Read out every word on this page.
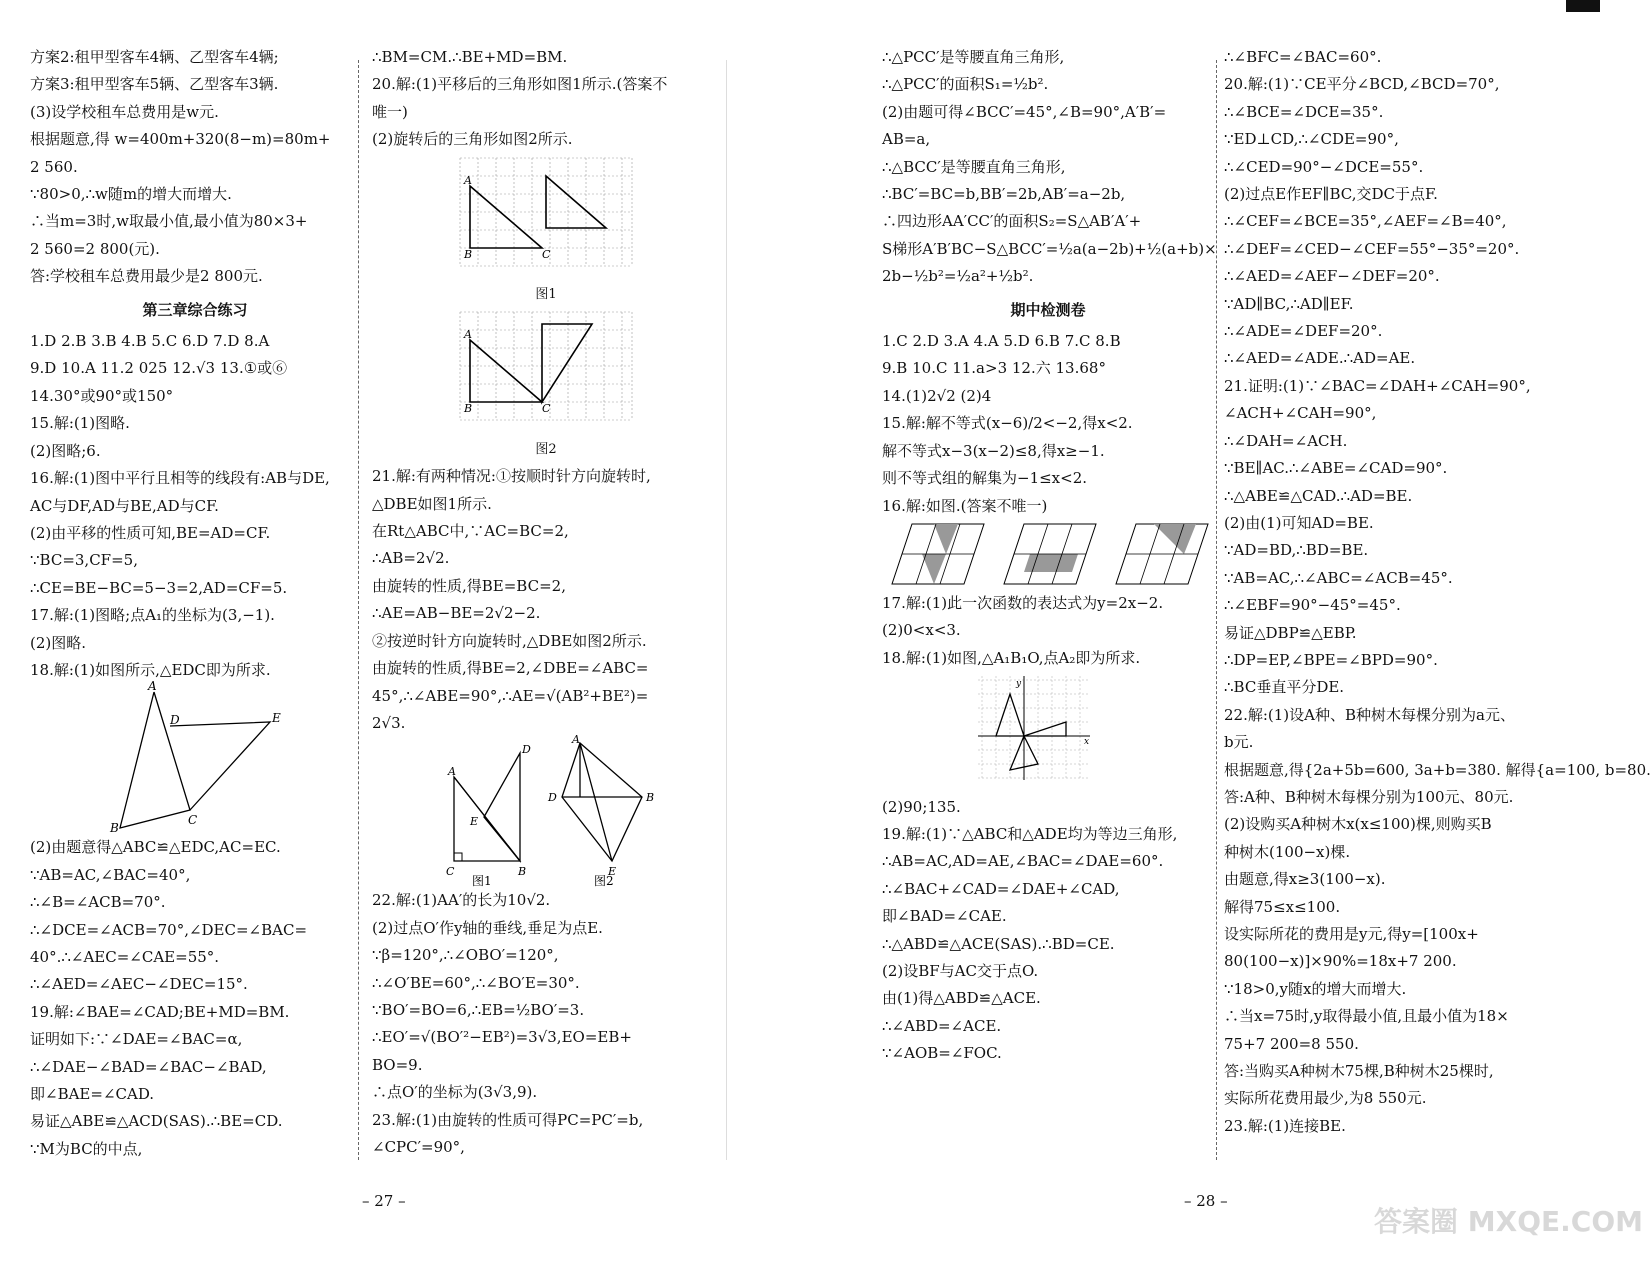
方案2:租甲型客车4辆、乙型客车4辆;

方案3:租甲型客车5辆、乙型客车3辆.

(3)设学校租车总费用是w元.

根据题意,得 w=400m+320(8−m)=80m+

2 560.

∵80>0,∴w随m的增大而增大.

∴当m=3时,w取最小值,最小值为80×3+

2 560=2 800(元).

答:学校租车总费用最少是2 800元.

第三章综合练习

1.D 2.B 3.B 4.B 5.C 6.D 7.D 8.A

9.D 10.A 11.2 025 12.√3 13.①或⑥

14.30°或90°或150°

15.解:(1)图略.

(2)图略;6.

16.解:(1)图中平行且相等的线段有:AB与DE,

AC与DF,AD与BE,AD与CF.

(2)由平移的性质可知,BE=AD=CF.

∵BC=3,CF=5,

∴CE=BE−BC=5−3=2,AD=CF=5.

17.解:(1)图略;点A₁的坐标为(3,−1).

(2)图略.

18.解:(1)如图所示,△EDC即为所求.

A
D	E
B
C

(2)由题意得△ABC≌△EDC,AC=EC.

∵AB=AC,∠BAC=40°,

∴∠B=∠ACB=70°.

∴∠DCE=∠ACB=70°,∠DEC=∠BAC=

40°.∴∠AEC=∠CAE=55°.

∴∠AED=∠AEC−∠DEC=15°.

19.解:∠BAE=∠CAD;BE+MD=BM.

证明如下:∵∠DAE=∠BAC=α,

∴∠DAE−∠BAD=∠BAC−∠BAD,

即∠BAE=∠CAD.

易证△ABE≌△ACD(SAS).∴BE=CD.

∵M为BC的中点,

∴BM=CM.∴BE+MD=BM.

20.解:(1)平移后的三角形如图1所示.(答案不

唯一)

(2)旋转后的三角形如图2所示.

A
B	C
图1
A
B	C
图2

21.解:有两种情况:①按顺时针方向旋转时,

△DBE如图1所示.

在Rt△ABC中,∵AC=BC=2,

∴AB=2√2.

由旋转的性质,得BE=BC=2,

∴AE=AB−BE=2√2−2.

②按逆时针方向旋转时,△DBE如图2所示.

由旋转的性质,得BE=2,∠DBE=∠ABC=

45°,∴∠ABE=90°,∴AE=√(AB²+BE²)=

2√3.

A
D
E
C	B
图1
A
D	B
E
图2

22.解:(1)AA′的长为10√2.

(2)过点O′作y轴的垂线,垂足为点E.

∵β=120°,∴∠OBO′=120°,

∴∠O′BE=60°,∴∠BO′E=30°.

∵BO′=BO=6,∴EB=½BO′=3.

∴EO′=√(BO′²−EB²)=3√3,EO=EB+

BO=9.

∴点O′的坐标为(3√3,9).

23.解:(1)由旋转的性质可得PC=PC′=b,

∠CPC′=90°,

∴△PCC′是等腰直角三角形,

∴△PCC′的面积S₁=½b².

(2)由题可得∠BCC′=45°,∠B=90°,A′B′=

AB=a,

∴△BCC′是等腰直角三角形,

∴BC′=BC=b,BB′=2b,AB′=a−2b,

∴四边形AA′CC′的面积S₂=S△AB′A′+

S梯形A′B′BC−S△BCC′=½a(a−2b)+½(a+b)×

2b−½b²=½a²+½b².

期中检测卷

1.C 2.D 3.A 4.A 5.D 6.B 7.C 8.B

9.B 10.C 11.a>3 12.六 13.68°

14.(1)2√2 (2)4

15.解:解不等式(x−6)/2<−2,得x<2.

解不等式x−3(x−2)≤8,得x≥−1.

则不等式组的解集为−1≤x<2.

16.解:如图.(答案不唯一)

17.解:(1)此一次函数的表达式为y=2x−2.

(2)0<x<3.

18.解:(1)如图,△A₁B₁O,点A₂即为所求.

y
x

(2)90;135.

19.解:(1)∵△ABC和△ADE均为等边三角形,

∴AB=AC,AD=AE,∠BAC=∠DAE=60°.

∴∠BAC+∠CAD=∠DAE+∠CAD,

即∠BAD=∠CAE.

∴△ABD≌△ACE(SAS).∴BD=CE.

(2)设BF与AC交于点O.

由(1)得△ABD≌△ACE.

∴∠ABD=∠ACE.

∵∠AOB=∠FOC.

∴∠BFC=∠BAC=60°.

20.解:(1)∵CE平分∠BCD,∠BCD=70°,

∴∠BCE=∠DCE=35°.

∵ED⊥CD,∴∠CDE=90°,

∴∠CED=90°−∠DCE=55°.

(2)过点E作EF∥BC,交DC于点F.

∴∠CEF=∠BCE=35°,∠AEF=∠B=40°,

∴∠DEF=∠CED−∠CEF=55°−35°=20°.

∴∠AED=∠AEF−∠DEF=20°.

∵AD∥BC,∴AD∥EF.

∴∠ADE=∠DEF=20°.

∴∠AED=∠ADE.∴AD=AE.

21.证明:(1)∵∠BAC=∠DAH+∠CAH=90°,

∠ACH+∠CAH=90°,

∴∠DAH=∠ACH.

∵BE∥AC.∴∠ABE=∠CAD=90°.

∴△ABE≌△CAD.∴AD=BE.

(2)由(1)可知AD=BE.

∵AD=BD,∴BD=BE.

∵AB=AC,∴∠ABC=∠ACB=45°.

∴∠EBF=90°−45°=45°.

易证△DBP≌△EBP.

∴DP=EP,∠BPE=∠BPD=90°.

∴BC垂直平分DE.

22.解:(1)设A种、B种树木每棵分别为a元、

b元.

根据题意,得{2a+5b=600, 3a+b=380. 解得{a=100, b=80.

答:A种、B种树木每棵分别为100元、80元.

(2)设购买A种树木x(x≤100)棵,则购买B

种树木(100−x)棵.

由题意,得x≥3(100−x).

解得75≤x≤100.

设实际所花的费用是y元,得y=[100x+

80(100−x)]×90%=18x+7 200.

∵18>0,y随x的增大而增大.

∴当x=75时,y取得最小值,且最小值为18×

75+7 200=8 550.

答:当购买A种树木75棵,B种树木25棵时,

实际所花费用最少,为8 550元.

23.解:(1)连接BE.

– 27 –	– 28 –
答案圈 MXQE.COM
